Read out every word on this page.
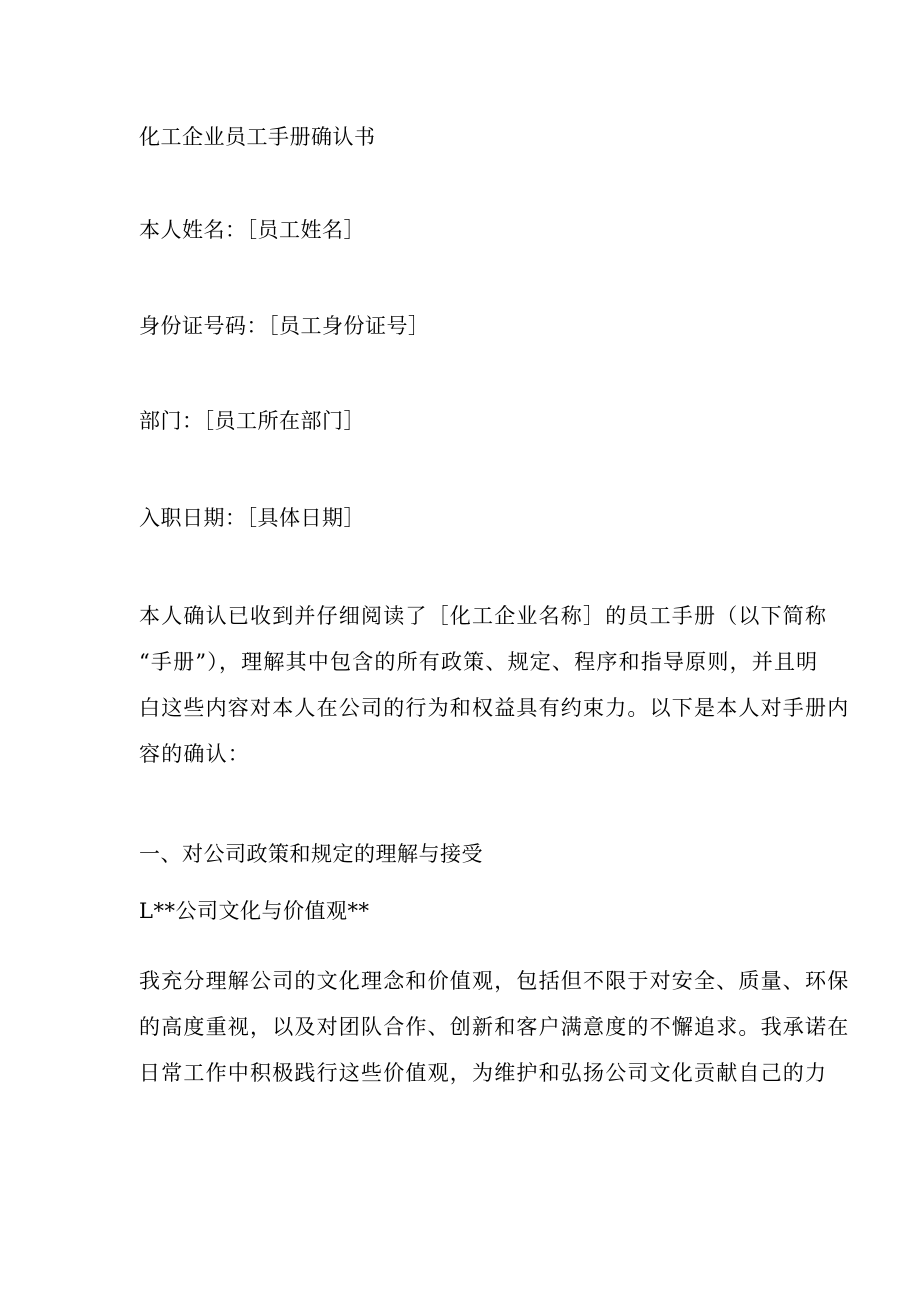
化工企业员工手册确认书
本人姓名：［员工姓名］
身份证号码：［员工身份证号］
部门：［员工所在部门］
入职日期：［具体日期］

本人确认已收到并仔细阅读了［化工企业名称］的员工手册（以下简称

“手册”），理解其中包含的所有政策、规定、程序和指导原则，并且明

白这些内容对本人在公司的行为和权益具有约束力。以下是本人对手册内

容的确认：

一、对公司政策和规定的理解与接受
L**公司文化与价值观**

我充分理解公司的文化理念和价值观，包括但不限于对安全、质量、环保

的高度重视，以及对团队合作、创新和客户满意度的不懈追求。我承诺在

日常工作中积极践行这些价值观，为维护和弘扬公司文化贡献自己的力
